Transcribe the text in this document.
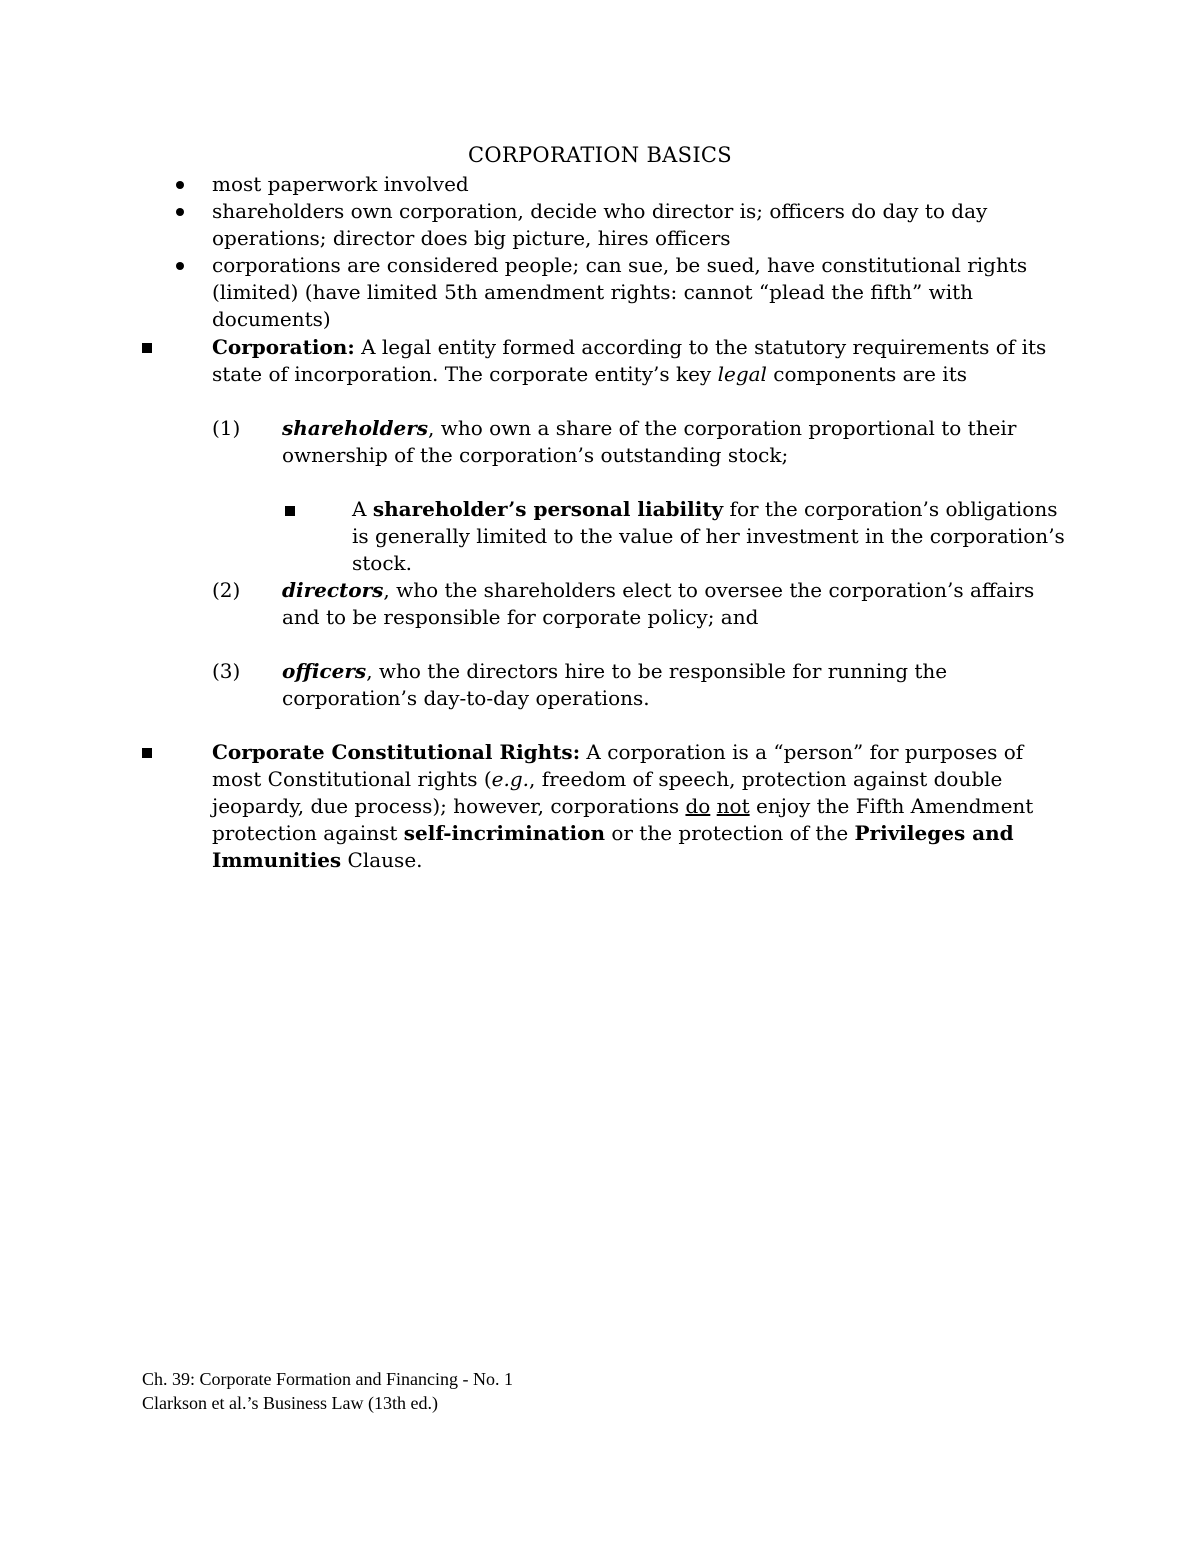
CORPORATION BASICS
most paperwork involved
shareholders own corporation, decide who director is; officers do day to day operations; director does big picture, hires officers
corporations are considered people; can sue, be sued, have constitutional rights (limited) (have limited 5th amendment rights: cannot “plead the fifth” with documents)

Corporation: A legal entity formed according to the statutory requirements of its state of incorporation. The corporate entity’s key legal components are its

(1) shareholders, who own a share of the corporation proportional to their ownership of the corporation’s outstanding stock;

A shareholder’s personal liability for the corporation’s obligations is generally limited to the value of her investment in the corporation’s stock.

(2) directors, who the shareholders elect to oversee the corporation’s affairs and to be responsible for corporate policy; and

(3) officers, who the directors hire to be responsible for running the corporation’s day-to-day operations.

Corporate Constitutional Rights: A corporation is a “person” for purposes of most Constitutional rights (e.g., freedom of speech, protection against double jeopardy, due process); however, corporations do not enjoy the Fifth Amendment protection against self-incrimination or the protection of the Privileges and Immunities Clause.

Ch. 39: Corporate Formation and Financing - No. 1
Clarkson et al.’s Business Law (13th ed.)
